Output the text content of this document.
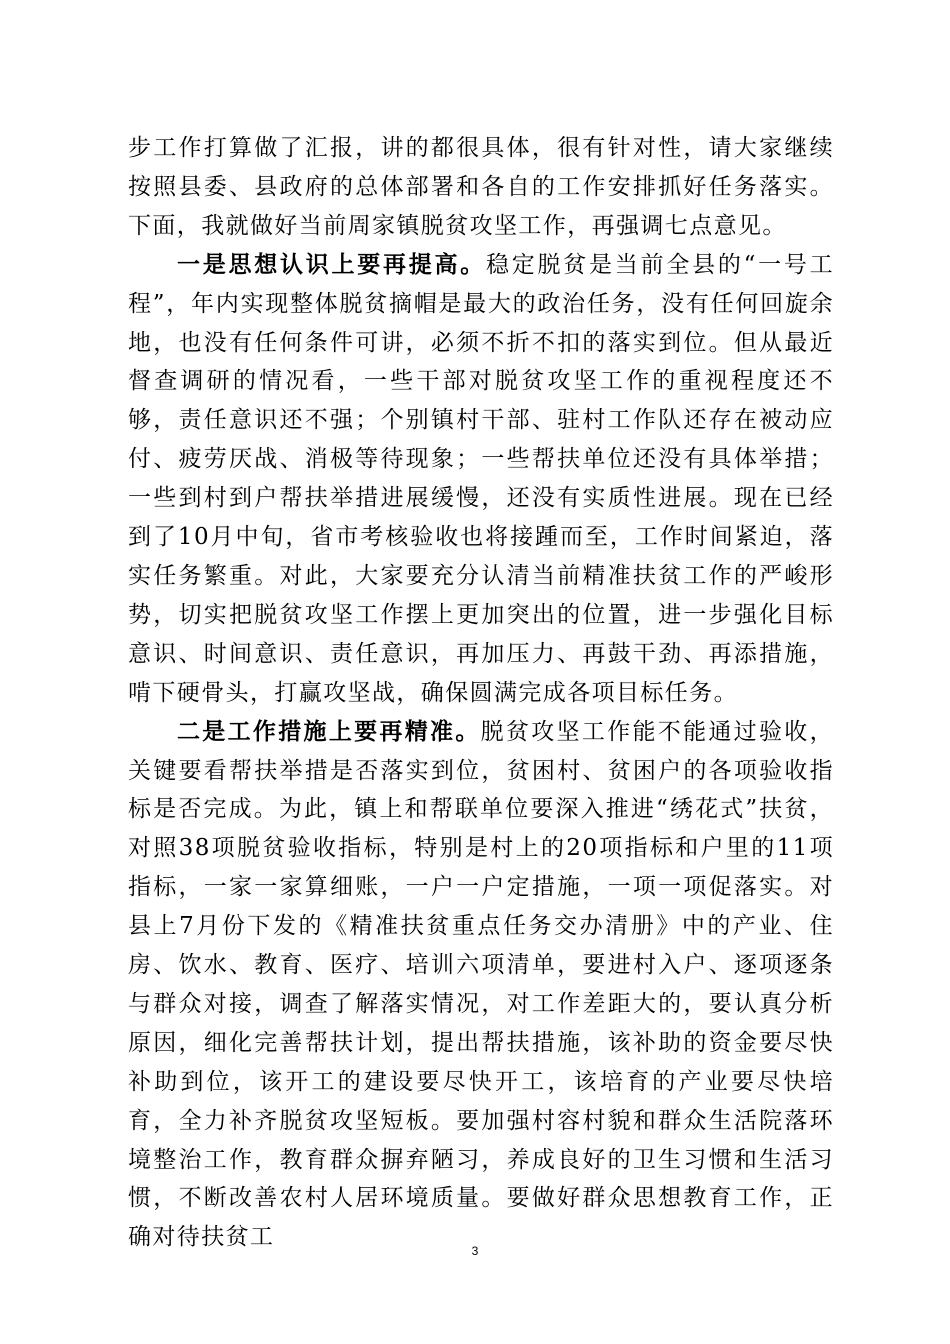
步工作打算做了汇报，讲的都很具体，很有针对性，请大家继续按照县委、县政府的总体部署和各自的工作安排抓好任务落实。下面，我就做好当前周家镇脱贫攻坚工作，再强调七点意见。

一是思想认识上要再提高。稳定脱贫是当前全县的“一号工程”，年内实现整体脱贫摘帽是最大的政治任务，没有任何回旋余地，也没有任何条件可讲，必须不折不扣的落实到位。但从最近督查调研的情况看，一些干部对脱贫攻坚工作的重视程度还不够，责任意识还不强；个别镇村干部、驻村工作队还存在被动应付、疲劳厌战、消极等待现象；一些帮扶单位还没有具体举措；一些到村到户帮扶举措进展缓慢，还没有实质性进展。现在已经到了10月中旬，省市考核验收也将接踵而至，工作时间紧迫，落实任务繁重。对此，大家要充分认清当前精准扶贫工作的严峻形势，切实把脱贫攻坚工作摆上更加突出的位置，进一步强化目标意识、时间意识、责任意识，再加压力、再鼓干劲、再添措施，啃下硬骨头，打赢攻坚战，确保圆满完成各项目标任务。

二是工作措施上要再精准。脱贫攻坚工作能不能通过验收，关键要看帮扶举措是否落实到位，贫困村、贫困户的各项验收指标是否完成。为此，镇上和帮联单位要深入推进“绣花式”扶贫，对照38项脱贫验收指标，特别是村上的20项指标和户里的11项指标，一家一家算细账，一户一户定措施，一项一项促落实。对县上7月份下发的《精准扶贫重点任务交办清册》中的产业、住房、饮水、教育、医疗、培训六项清单，要进村入户、逐项逐条与群众对接，调查了解落实情况，对工作差距大的，要认真分析原因，细化完善帮扶计划，提出帮扶措施，该补助的资金要尽快补助到位，该开工的建设要尽快开工，该培育的产业要尽快培育，全力补齐脱贫攻坚短板。要加强村容村貌和群众生活院落环境整治工作，教育群众摒弃陋习，养成良好的卫生习惯和生活习惯，不断改善农村人居环境质量。要做好群众思想教育工作，正确对待扶贫工

3
